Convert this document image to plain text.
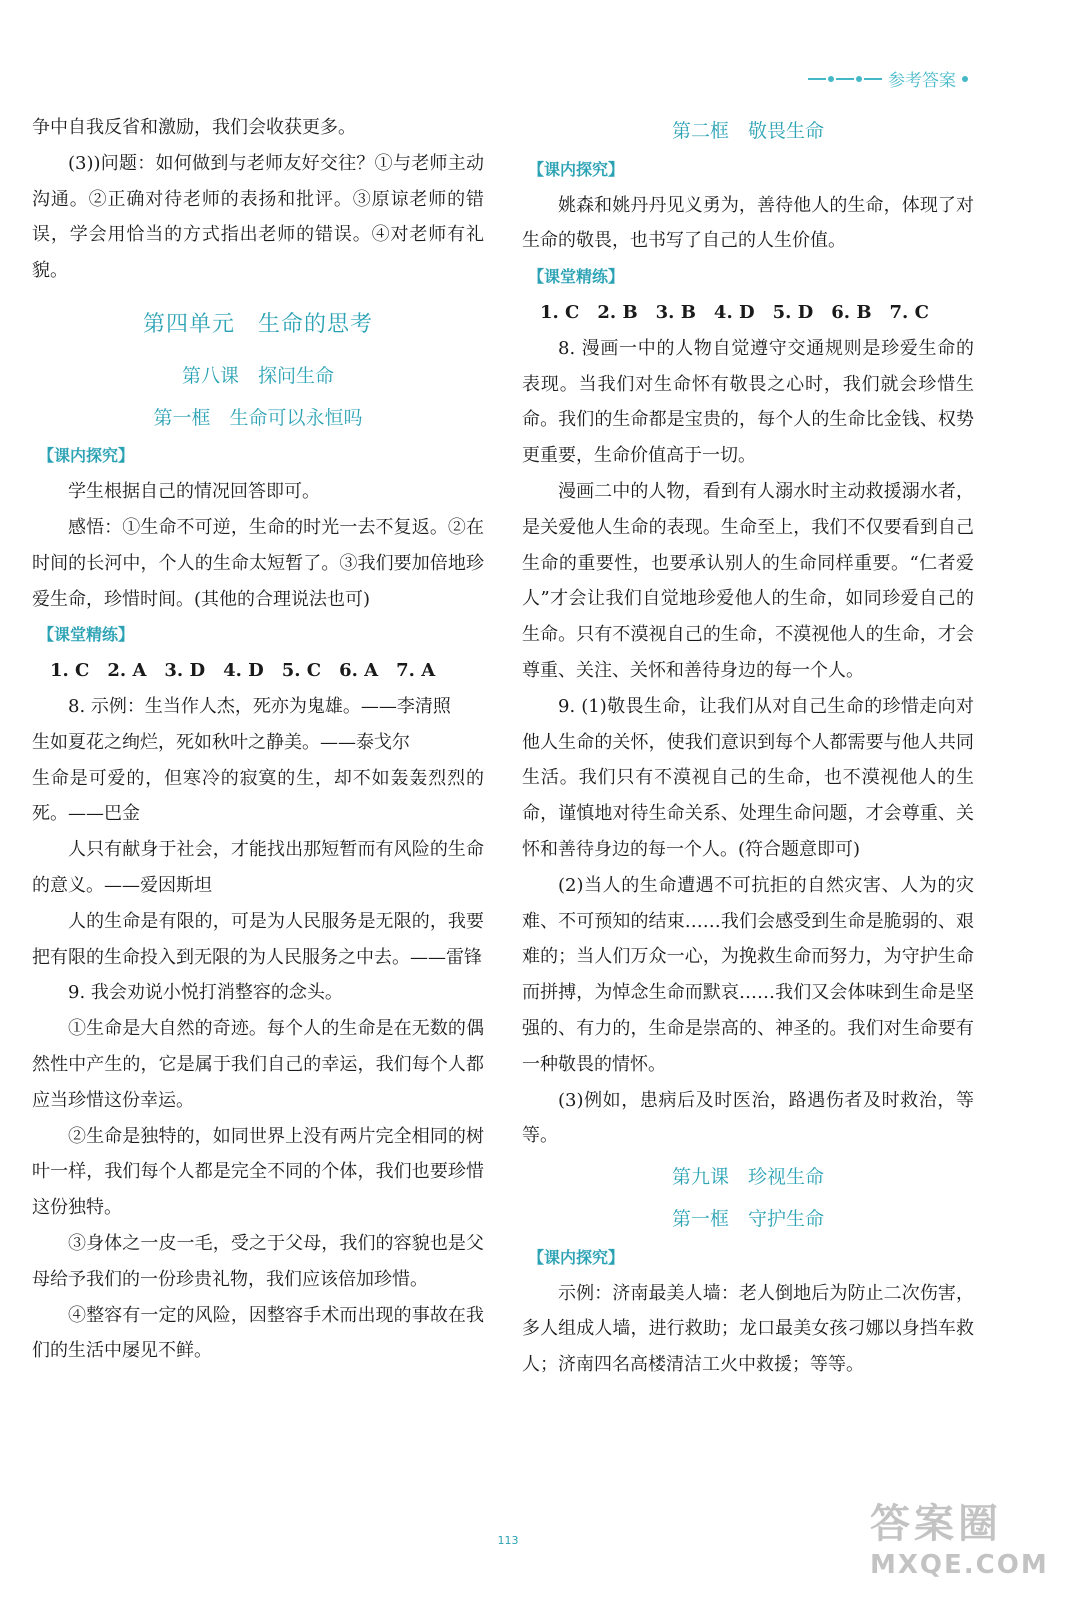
参考答案

争中自我反省和激励，我们会收获更多。

(3))问题：如何做到与老师友好交往？①与老师主动沟通。②正确对待老师的表扬和批评。③原谅老师的错误，学会用恰当的方式指出老师的错误。④对老师有礼貌。

第四单元　生命的思考
第八课　探问生命
第一框　生命可以永恒吗
【课内探究】

学生根据自己的情况回答即可。

感悟：①生命不可逆，生命的时光一去不复返。②在时间的长河中，个人的生命太短暂了。③我们要加倍地珍爱生命，珍惜时间。(其他的合理说法也可)

【课堂精练】

1. C　2. A　3. D　4. D　5. C　6. A　7. A

8. 示例：生当作人杰，死亦为鬼雄。——李清照

生如夏花之绚烂，死如秋叶之静美。——泰戈尔

生命是可爱的，但寒冷的寂寞的生，却不如轰轰烈烈的死。——巴金

人只有献身于社会，才能找出那短暂而有风险的生命的意义。——爱因斯坦

人的生命是有限的，可是为人民服务是无限的，我要把有限的生命投入到无限的为人民服务之中去。——雷锋

9. 我会劝说小悦打消整容的念头。

①生命是大自然的奇迹。每个人的生命是在无数的偶然性中产生的，它是属于我们自己的幸运，我们每个人都应当珍惜这份幸运。

②生命是独特的，如同世界上没有两片完全相同的树叶一样，我们每个人都是完全不同的个体，我们也要珍惜这份独特。

③身体之一皮一毛，受之于父母，我们的容貌也是父母给予我们的一份珍贵礼物，我们应该倍加珍惜。

④整容有一定的风险，因整容手术而出现的事故在我们的生活中屡见不鲜。

第二框　敬畏生命
【课内探究】

姚森和姚丹丹见义勇为，善待他人的生命，体现了对生命的敬畏，也书写了自己的人生价值。

【课堂精练】

1. C　2. B　3. B　4. D　5. D　6. B　7. C

8. 漫画一中的人物自觉遵守交通规则是珍爱生命的表现。当我们对生命怀有敬畏之心时，我们就会珍惜生命。我们的生命都是宝贵的，每个人的生命比金钱、权势更重要，生命价值高于一切。

漫画二中的人物，看到有人溺水时主动救援溺水者，是关爱他人生命的表现。生命至上，我们不仅要看到自己生命的重要性，也要承认别人的生命同样重要。“仁者爱人”才会让我们自觉地珍爱他人的生命，如同珍爱自己的生命。只有不漠视自己的生命，不漠视他人的生命，才会尊重、关注、关怀和善待身边的每一个人。

9. (1)敬畏生命，让我们从对自己生命的珍惜走向对他人生命的关怀，使我们意识到每个人都需要与他人共同生活。我们只有不漠视自己的生命，也不漠视他人的生命，谨慎地对待生命关系、处理生命问题，才会尊重、关怀和善待身边的每一个人。(符合题意即可)

(2)当人的生命遭遇不可抗拒的自然灾害、人为的灾难、不可预知的结束……我们会感受到生命是脆弱的、艰难的；当人们万众一心，为挽救生命而努力，为守护生命而拼搏，为悼念生命而默哀……我们又会体味到生命是坚强的、有力的，生命是崇高的、神圣的。我们对生命要有一种敬畏的情怀。

(3)例如，患病后及时医治，路遇伤者及时救治，等等。

第九课　珍视生命
第一框　守护生命
【课内探究】

示例：济南最美人墙：老人倒地后为防止二次伤害，多人组成人墙，进行救助；龙口最美女孩刁娜以身挡车救人；济南四名高楼清洁工火中救援；等等。

113	答案圈
MXQE.COM
